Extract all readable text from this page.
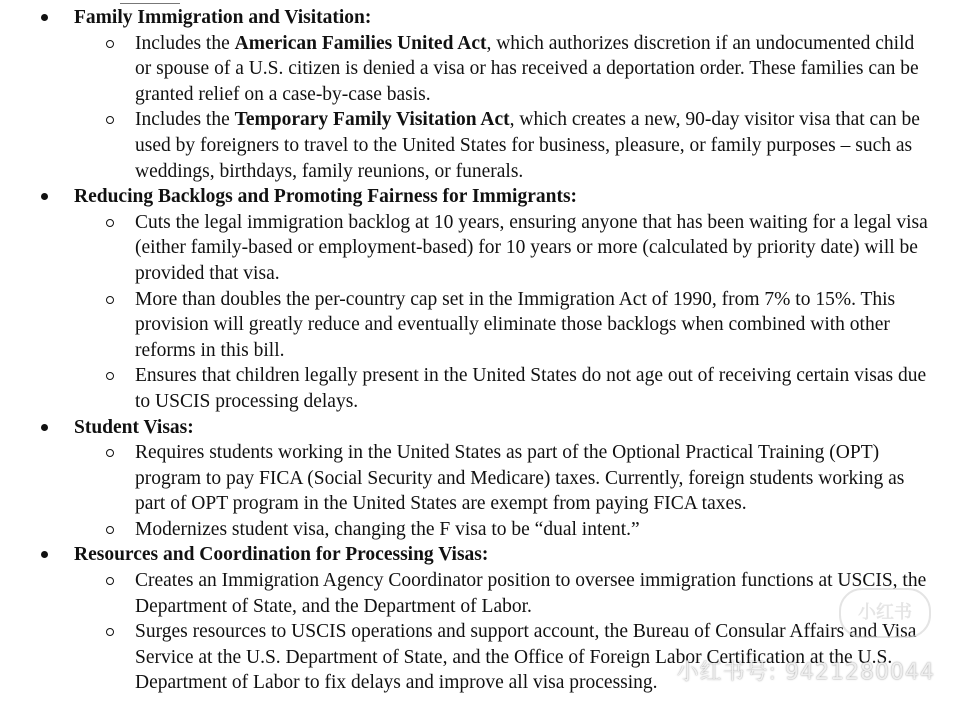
Family Immigration and Visitation:
Includes the American Families United Act, which authorizes discretion if an undocumented child or spouse of a U.S. citizen is denied a visa or has received a deportation order. These families can be granted relief on a case-by-case basis.
Includes the Temporary Family Visitation Act, which creates a new, 90-day visitor visa that can be used by foreigners to travel to the United States for business, pleasure, or family purposes – such as weddings, birthdays, family reunions, or funerals.
Reducing Backlogs and Promoting Fairness for Immigrants:
Cuts the legal immigration backlog at 10 years, ensuring anyone that has been waiting for a legal visa (either family-based or employment-based) for 10 years or more (calculated by priority date) will be provided that visa.
More than doubles the per-country cap set in the Immigration Act of 1990, from 7% to 15%. This provision will greatly reduce and eventually eliminate those backlogs when combined with other reforms in this bill.
Ensures that children legally present in the United States do not age out of receiving certain visas due to USCIS processing delays.
Student Visas:
Requires students working in the United States as part of the Optional Practical Training (OPT) program to pay FICA (Social Security and Medicare) taxes. Currently, foreign students working as part of OPT program in the United States are exempt from paying FICA taxes.
Modernizes student visa, changing the F visa to be “dual intent.”
Resources and Coordination for Processing Visas:
Creates an Immigration Agency Coordinator position to oversee immigration functions at USCIS, the Department of State, and the Department of Labor.
Surges resources to USCIS operations and support account, the Bureau of Consular Affairs and Visa Service at the U.S. Department of State, and the Office of Foreign Labor Certification at the U.S. Department of Labor to fix delays and improve all visa processing.
小红书
小红书号: 9421280044
